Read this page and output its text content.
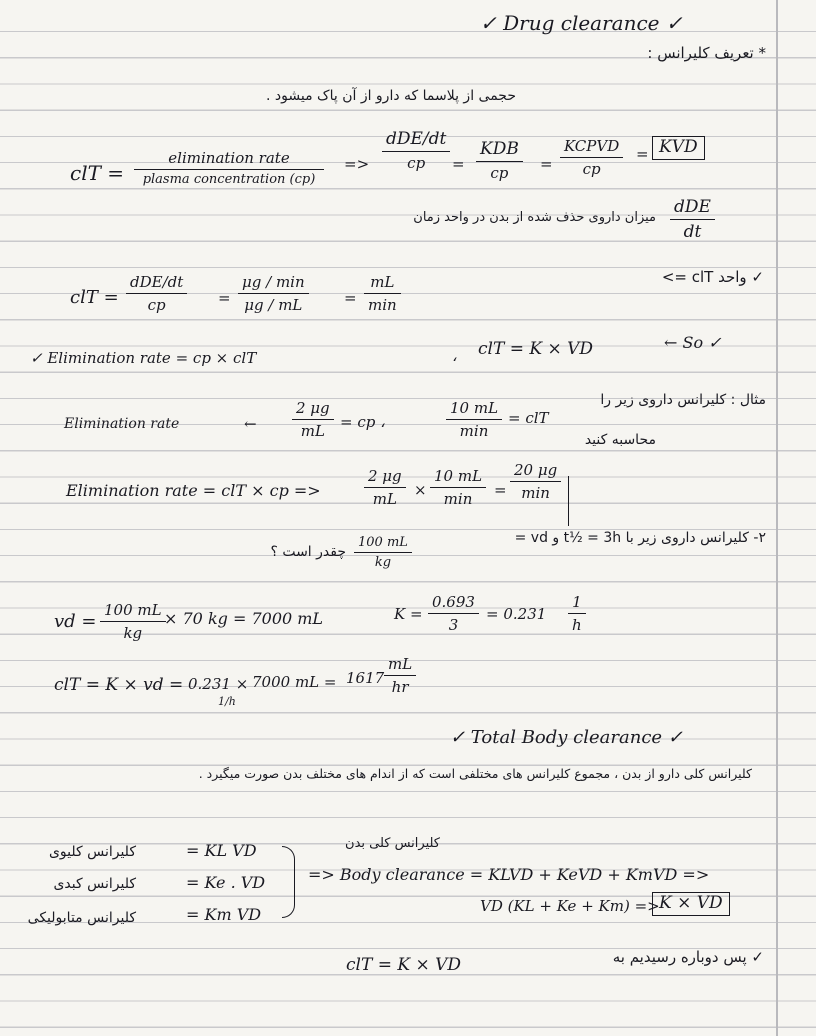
✓ Drug clearance ✓
* تعریف کلیرانس :
حجمی از پلاسما که دارو از آن پاک میشود .
clT =
elimination rate
plasma concentration (cp)
=>
dDE/dt
cp =
KDB
cp =
KCPVD
cp
= KVD
میزان داروی حذف شده از بدن در واحد زمان
dDE
dt
✓ واحد clT =>
clT =
dDE/dt
cp	=
μg / min
μg / mL	=
mL
min
✓ Elimination rate = cp × clT	، clT = K × VD	← So ✓
مثال : کلیرانس داروی زیر را
محاسبه کنید
Elimination rate	←
2 μg
mL = cp ،
10 mL
min
= clT
Elimination rate = clT × cp =>
2 μg
mL ×
10 mL
min =
20 μg
min
۲- کلیرانس داروی زیر با t½ = 3h و vd =
100 mL
kg
چقدر است ؟
vd =
100 mL
kg
× 70 kg = 7000 mL	K =
0.693
3
= 0.231
1
h
clT = K × vd = 0.231 ×
1/h
7000 mL = 1617
mL
hr
✓ Total Body clearance ✓
کلیرانس کلی دارو از بدن ، مجموع کلیرانس های مختلفی است که از اندام های مختلف بدن صورت میگیرد .
کلیرانس کلی بدن
کلیرانس کلیوی	= KL VD
کلیرانس کبدی	= Ke . VD
کلیرانس متابولیکی	= Km VD
=> Body clearance = KLVD + KeVD + KmVD =>
VD (KL + Ke + Km) => K × VD
✓ پس دوباره رسیدیم به
clT = K × VD
